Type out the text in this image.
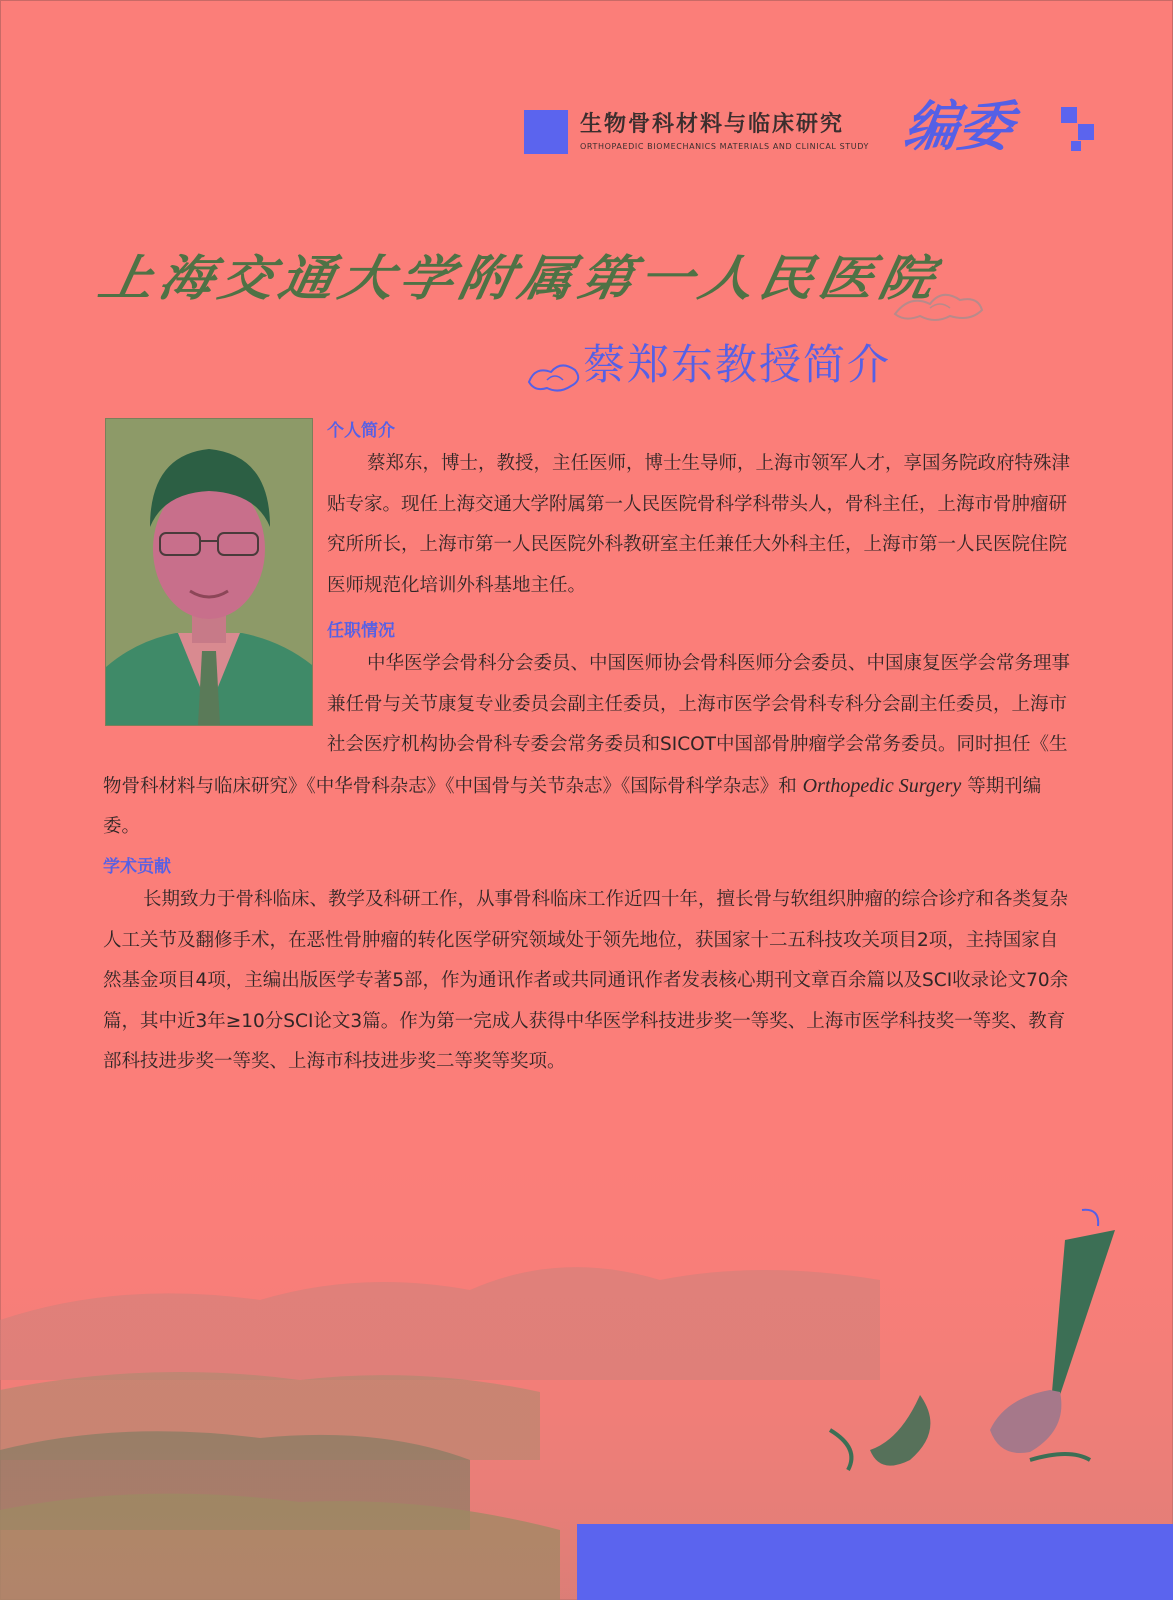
生物骨科材料与临床研究
ORTHOPAEDIC BIOMECHANICS MATERIALS AND CLINICAL STUDY 编委
上海交通大学附属第一人民医院
蔡郑东教授简介
个人简介

蔡郑东，博士，教授，主任医师，博士生导师，上海市领军人才，享国务院政府特殊津贴专家。现任上海交通大学附属第一人民医院骨科学科带头人，骨科主任，上海市骨肿瘤研究所所长，上海市第一人民医院外科教研室主任兼任大外科主任，上海市第一人民医院住院医师规范化培训外科基地主任。

任职情况

中华医学会骨科分会委员、中国医师协会骨科医师分会委员、中国康复医学会常务理事兼任骨与关节康复专业委员会副主任委员，上海市医学会骨科专科分会副主任委员，上海市社会医疗机构协会骨科专委会常务委员和SICOT中国部骨肿瘤学会常务委员。同时担任《生物骨科材料与临床研究》《中华骨科杂志》《中国骨与关节杂志》《国际骨科学杂志》和 Orthopedic Surgery 等期刊编委。

学术贡献

长期致力于骨科临床、教学及科研工作，从事骨科临床工作近四十年，擅长骨与软组织肿瘤的综合诊疗和各类复杂人工关节及翻修手术，在恶性骨肿瘤的转化医学研究领域处于领先地位，获国家十二五科技攻关项目2项，主持国家自然基金项目4项，主编出版医学专著5部，作为通讯作者或共同通讯作者发表核心期刊文章百余篇以及SCI收录论文70余篇，其中近3年≥10分SCI论文3篇。作为第一完成人获得中华医学科技进步奖一等奖、上海市医学科技奖一等奖、教育部科技进步奖一等奖、上海市科技进步奖二等奖等奖项。
